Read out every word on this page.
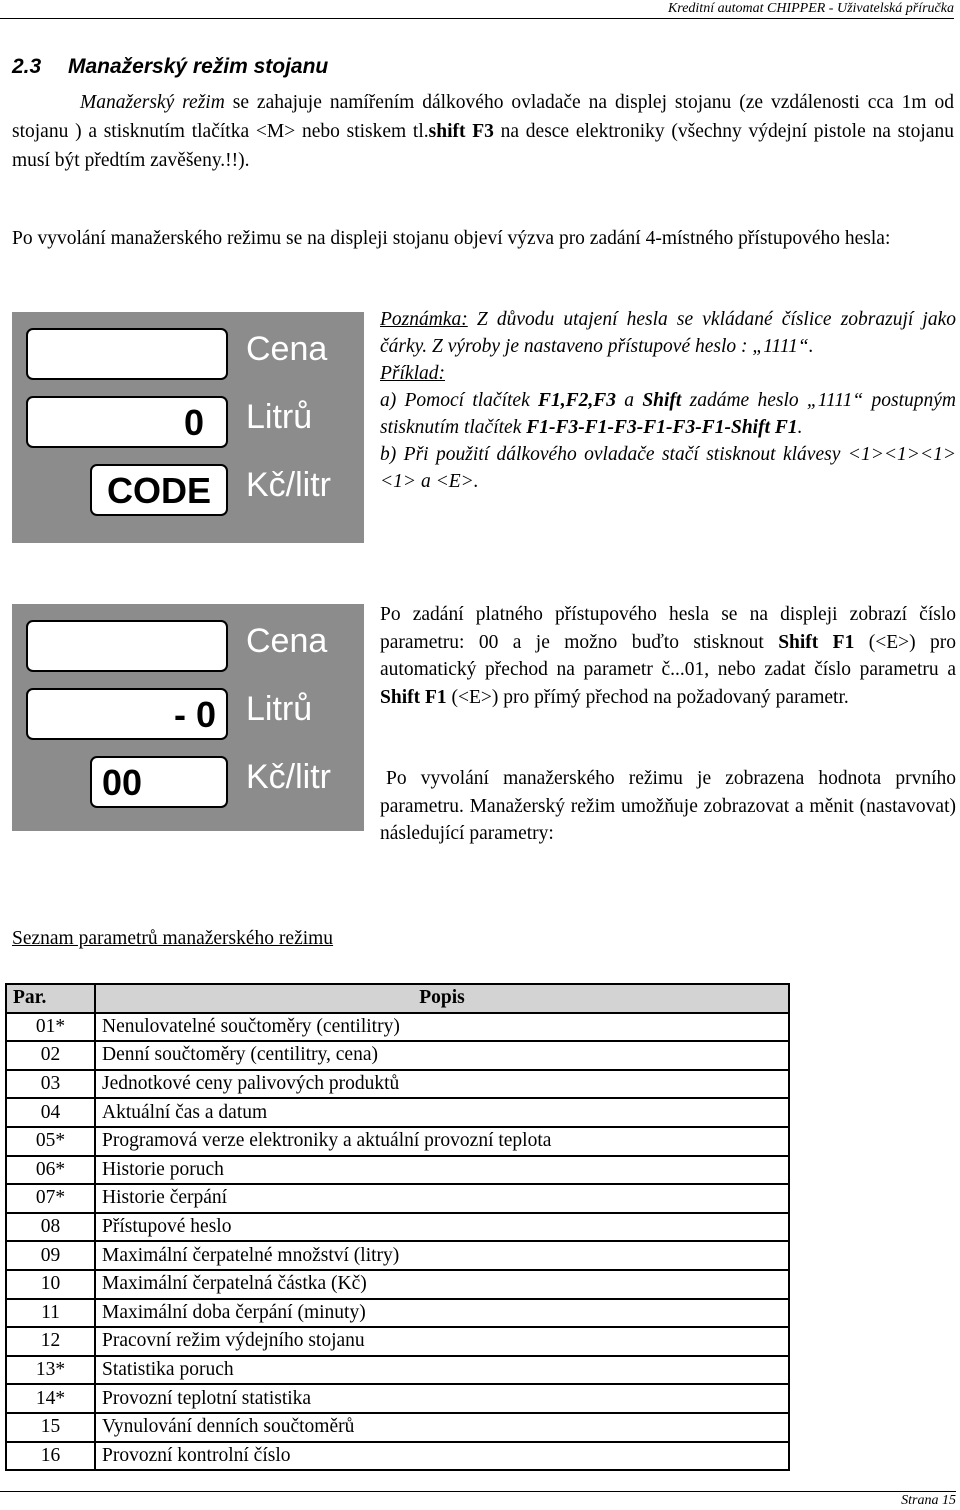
Kreditní automat CHIPPER - Uživatelská příručka
2.3 Manažerský režim stojanu
Manažerský režim se zahajuje namířením dálkového ovladače na displej stojanu (ze vzdálenosti cca 1m od stojanu ) a stisknutím tlačítka <M> nebo stiskem tl.shift F3 na desce elektroniky (všechny výdejní pistole na stojanu musí být předtím zavěšeny.!!).
Po vyvolání manažerského režimu se na displeji stojanu objeví výzva pro zadání 4-místného přístupového hesla:
0
CODE
Cena
Litrů
Kč/litr

Poznámka: Z důvodu utajení hesla se vkládané číslice zobrazují jako čárky. Z výroby je nastaveno přístupové heslo : „1111“.

Příklad:

a) Pomocí tlačítek F1,F2,F3 a Shift zadáme heslo „1111“ postupným stisknutím tlačítek F1-F3-F1-F3-F1-F3-F1-Shift F1.

b) Při použití dálkového ovladače stačí stisknout klávesy <1><1><1><1> a <E>.

- 0
00
Cena
Litrů
Kč/litr

Po zadání platného přístupového hesla se na displeji zobrazí číslo parametru: 00 a je možno buďto stisknout Shift F1 (<E>) pro automatický přechod na parametr č...01, nebo zadat číslo parametru a Shift F1 (<E>) pro přímý přechod na požadovaný parametr.

Po vyvolání manažerského režimu je zobrazena hodnota prvního parametru. Manažerský režim umožňuje zobrazovat a měnit (nastavovat) následující parametry:
Seznam parametrů manažerského režimu
Par.	Popis
01*	Nenulovatelné součtoměry (centilitry)
02	Denní součtoměry (centilitry, cena)
03	Jednotkové ceny palivových produktů
04	Aktuální čas a datum
05*	Programová verze elektroniky a aktuální provozní teplota
06*	Historie poruch
07*	Historie čerpání
08	Přístupové heslo
09	Maximální čerpatelné množství (litry)
10	Maximální čerpatelná částka (Kč)
11	Maximální doba čerpání (minuty)
12	Pracovní režim výdejního stojanu
13*	Statistika poruch
14*	Provozní teplotní statistika
15	Vynulování denních součtoměrů
16	Provozní kontrolní číslo
Strana 15
